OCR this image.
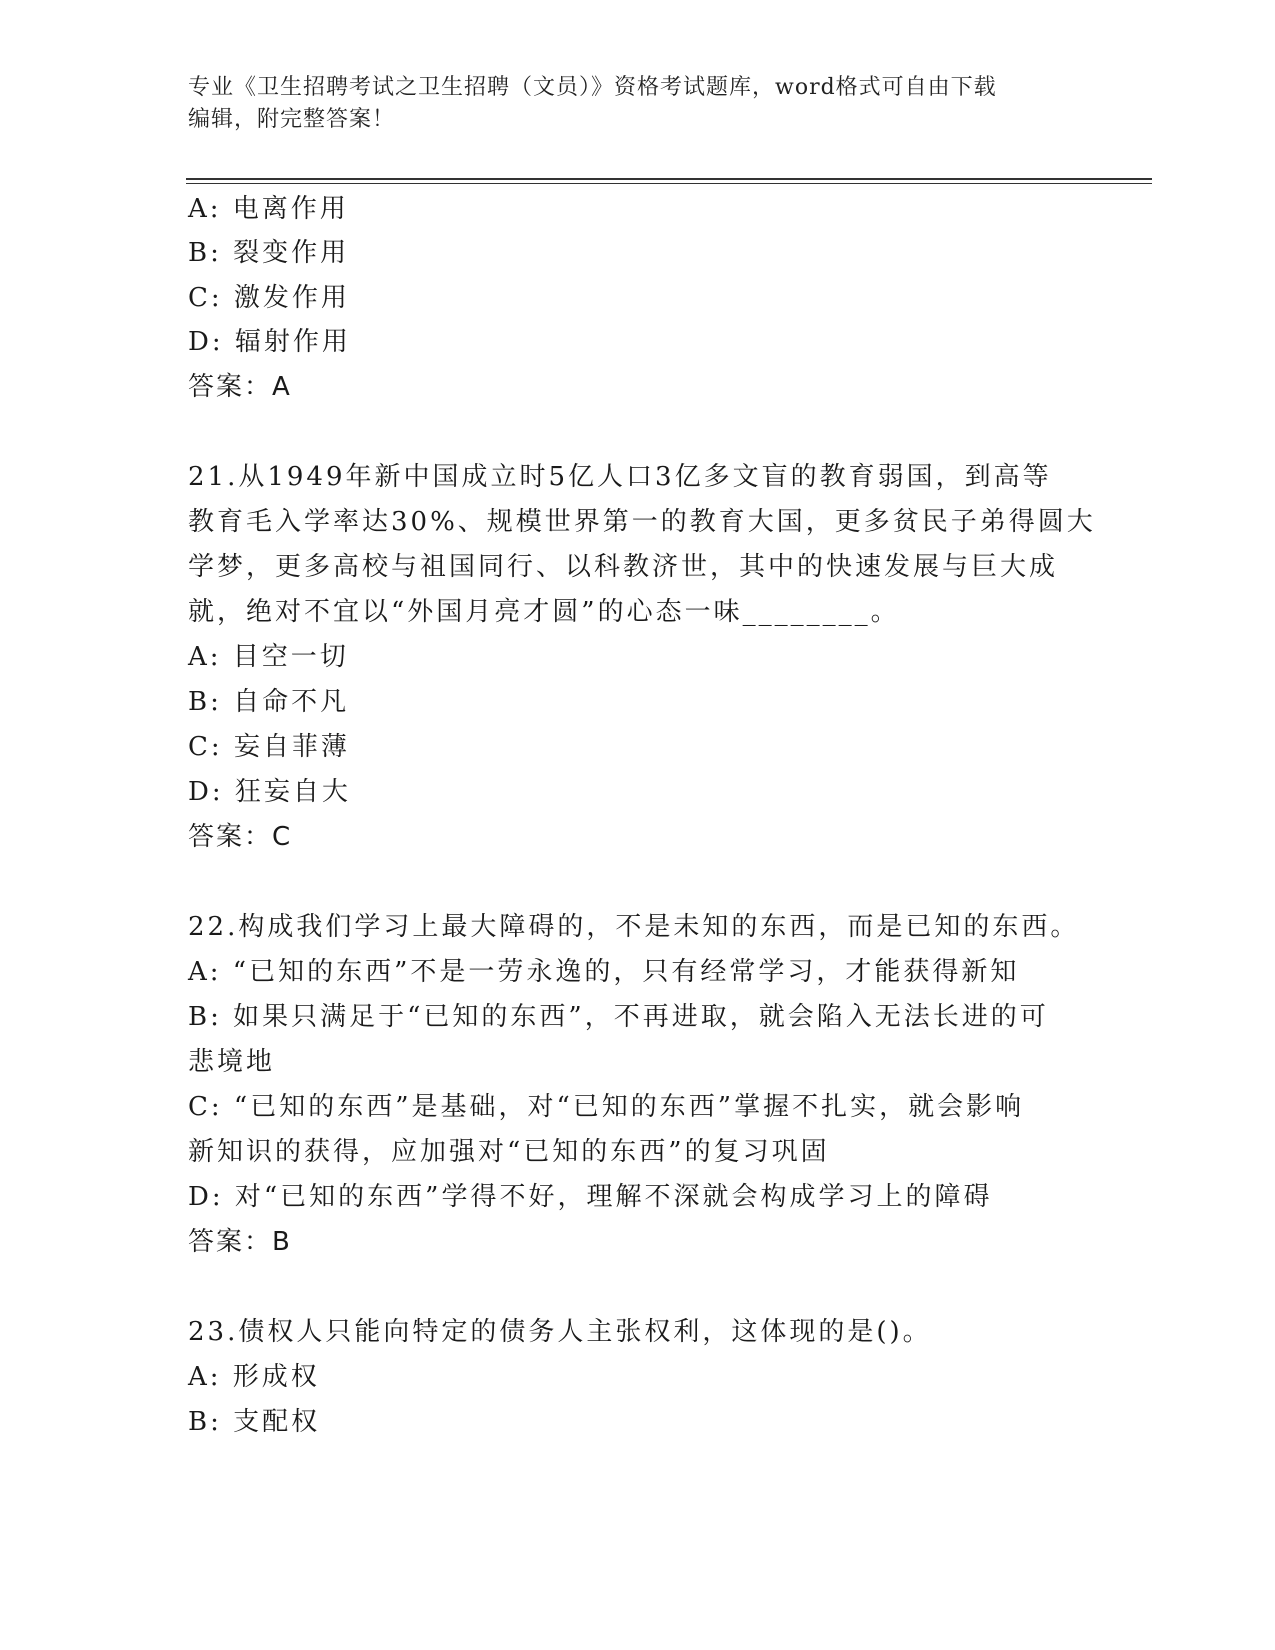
专业《卫生招聘考试之卫生招聘（文员）》资格考试题库，word格式可自由下载
编辑，附完整答案！
A: 电离作用
B: 裂变作用
C: 激发作用
D: 辐射作用
答案：A
21.从1949年新中国成立时5亿人口3亿多文盲的教育弱国，到高等
教育毛入学率达30%、规模世界第一的教育大国，更多贫民子弟得圆大
学梦，更多高校与祖国同行、以科教济世，其中的快速发展与巨大成
就，绝对不宜以“外国月亮才圆”的心态一味________。
A: 目空一切
B: 自命不凡
C: 妄自菲薄
D: 狂妄自大
答案：C
22.构成我们学习上最大障碍的，不是未知的东西，而是已知的东西。
A: “已知的东西”不是一劳永逸的，只有经常学习，才能获得新知
B: 如果只满足于“已知的东西”，不再进取，就会陷入无法长进的可
悲境地
C: “已知的东西”是基础，对“已知的东西”掌握不扎实，就会影响
新知识的获得，应加强对“已知的东西”的复习巩固
D: 对“已知的东西”学得不好，理解不深就会构成学习上的障碍
答案：B
23.债权人只能向特定的债务人主张权利，这体现的是()。
A: 形成权
B: 支配权
